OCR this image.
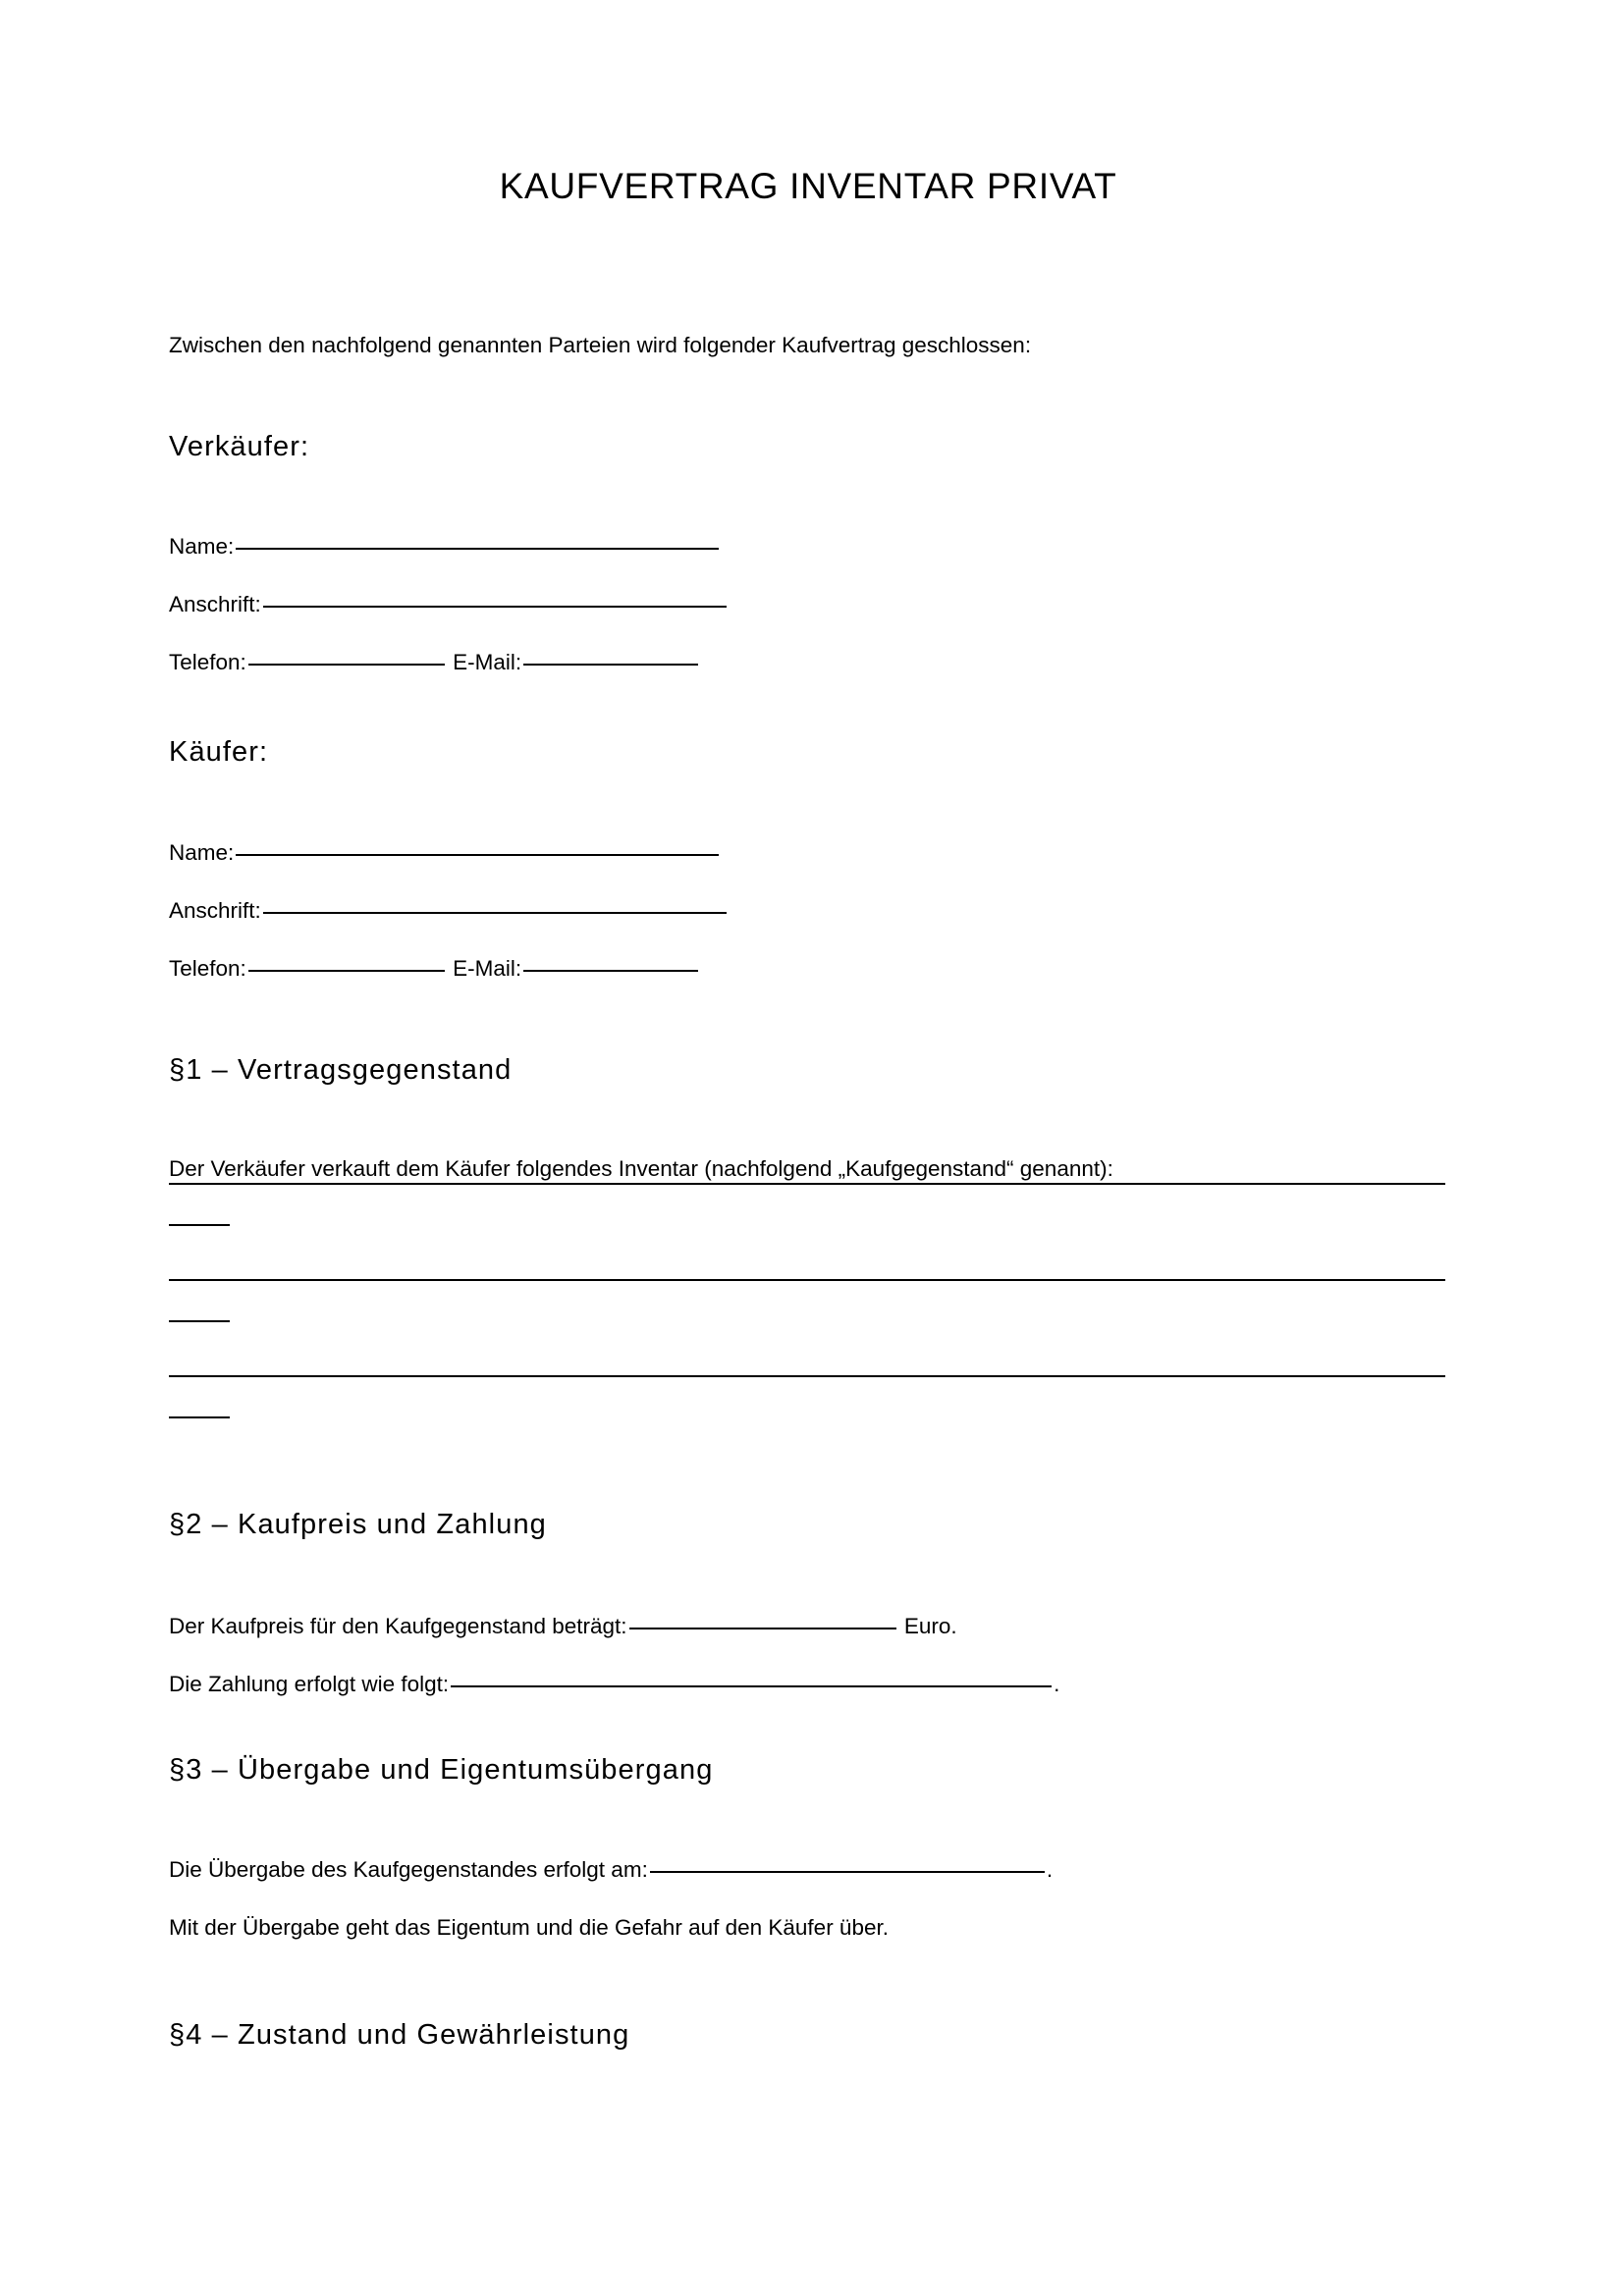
KAUFVERTRAG INVENTAR PRIVAT

Zwischen den nachfolgend genannten Parteien wird folgender Kaufvertrag geschlossen:

Verkäufer:

Name:

Anschrift:

Telefon:	E-Mail:

Käufer:

Name:

Anschrift:

Telefon:	E-Mail:

§1 – Vertragsgegenstand

Der Verkäufer verkauft dem Käufer folgendes Inventar (nachfolgend „Kaufgegenstand“ genannt):

§2 – Kaufpreis und Zahlung

Der Kaufpreis für den Kaufgegenstand beträgt:	Euro.

Die Zahlung erfolgt wie folgt:	.

§3 – Übergabe und Eigentumsübergang

Die Übergabe des Kaufgegenstandes erfolgt am:	.

Mit der Übergabe geht das Eigentum und die Gefahr auf den Käufer über.

§4 – Zustand und Gewährleistung
